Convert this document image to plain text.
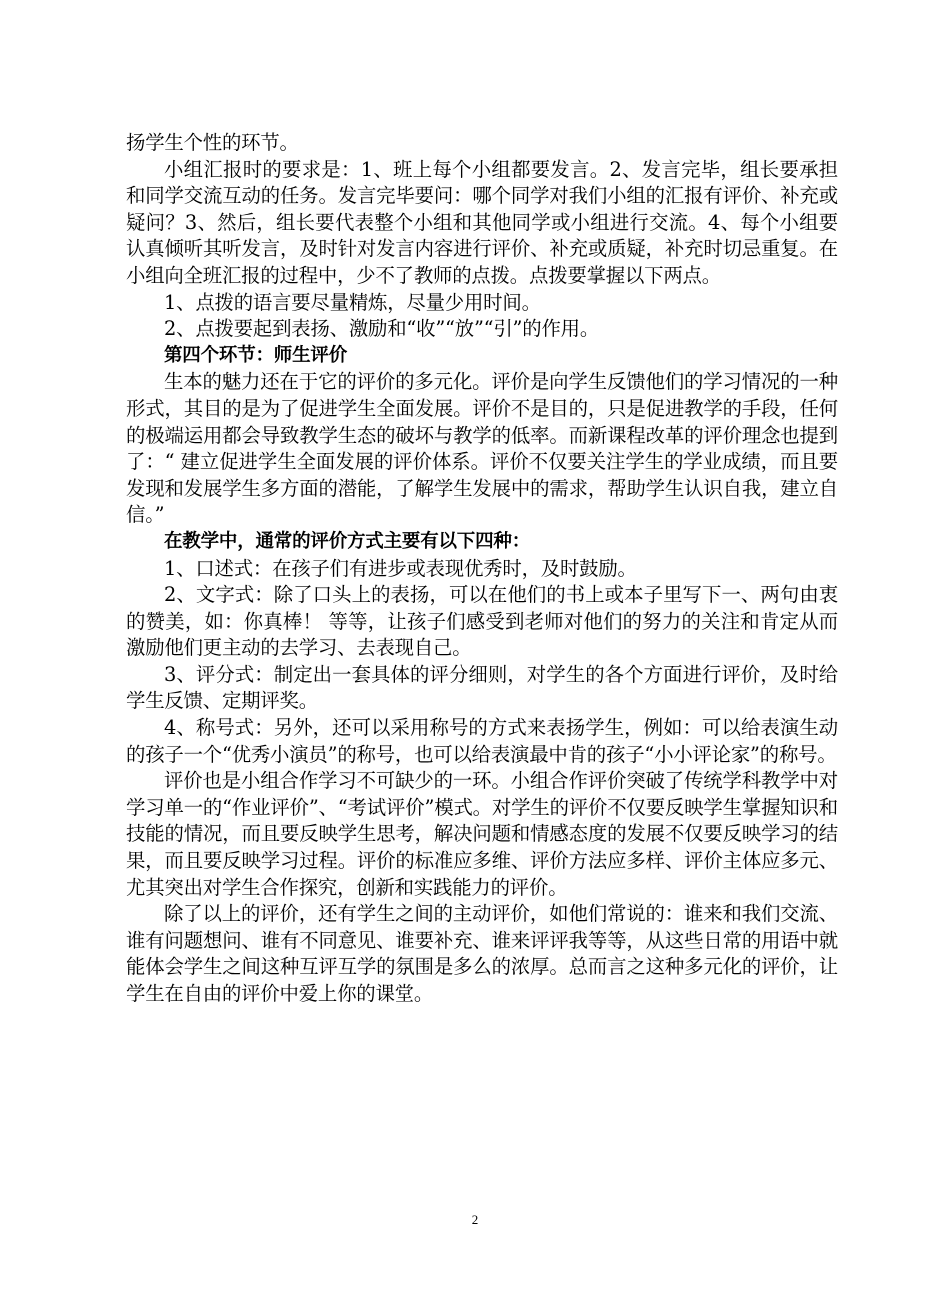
扬学生个性的环节。

小组汇报时的要求是：1、班上每个小组都要发言。2、发言完毕，组长要承担和同学交流互动的任务。发言完毕要问：哪个同学对我们小组的汇报有评价、补充或疑问？3、然后，组长要代表整个小组和其他同学或小组进行交流。4、每个小组要认真倾听其听发言，及时针对发言内容进行评价、补充或质疑，补充时切忌重复。在小组向全班汇报的过程中，少不了教师的点拨。点拨要掌握以下两点。

1、点拨的语言要尽量精炼，尽量少用时间。

2、点拨要起到表扬、激励和“收”“放”“引”的作用。

第四个环节：师生评价

生本的魅力还在于它的评价的多元化。评价是向学生反馈他们的学习情况的一种形式，其目的是为了促进学生全面发展。评价不是目的，只是促进教学的手段，任何的极端运用都会导致教学生态的破坏与教学的低率。而新课程改革的评价理念也提到了：“ 建立促进学生全面发展的评价体系。评价不仅要关注学生的学业成绩，而且要发现和发展学生多方面的潜能，了解学生发展中的需求，帮助学生认识自我，建立自信。”

在教学中，通常的评价方式主要有以下四种：

1、口述式：在孩子们有进步或表现优秀时，及时鼓励。

2、文字式：除了口头上的表扬，可以在他们的书上或本子里写下一、两句由衷的赞美，如：你真棒！ 等等，让孩子们感受到老师对他们的努力的关注和肯定从而激励他们更主动的去学习、去表现自己。

3、评分式：制定出一套具体的评分细则，对学生的各个方面进行评价，及时给学生反馈、定期评奖。

4、称号式：另外，还可以采用称号的方式来表扬学生，例如：可以给表演生动的孩子一个“优秀小演员”的称号，也可以给表演最中肯的孩子“小小评论家”的称号。

评价也是小组合作学习不可缺少的一环。小组合作评价突破了传统学科教学中对学习单一的“作业评价”、“考试评价”模式。对学生的评价不仅要反映学生掌握知识和技能的情况，而且要反映学生思考，解决问题和情感态度的发展不仅要反映学习的结果，而且要反映学习过程。评价的标准应多维、评价方法应多样、评价主体应多元、尤其突出对学生合作探究，创新和实践能力的评价。

除了以上的评价，还有学生之间的主动评价，如他们常说的：谁来和我们交流、谁有问题想问、谁有不同意见、谁要补充、谁来评评我等等，从这些日常的用语中就能体会学生之间这种互评互学的氛围是多么的浓厚。总而言之这种多元化的评价，让学生在自由的评价中爱上你的课堂。

2
